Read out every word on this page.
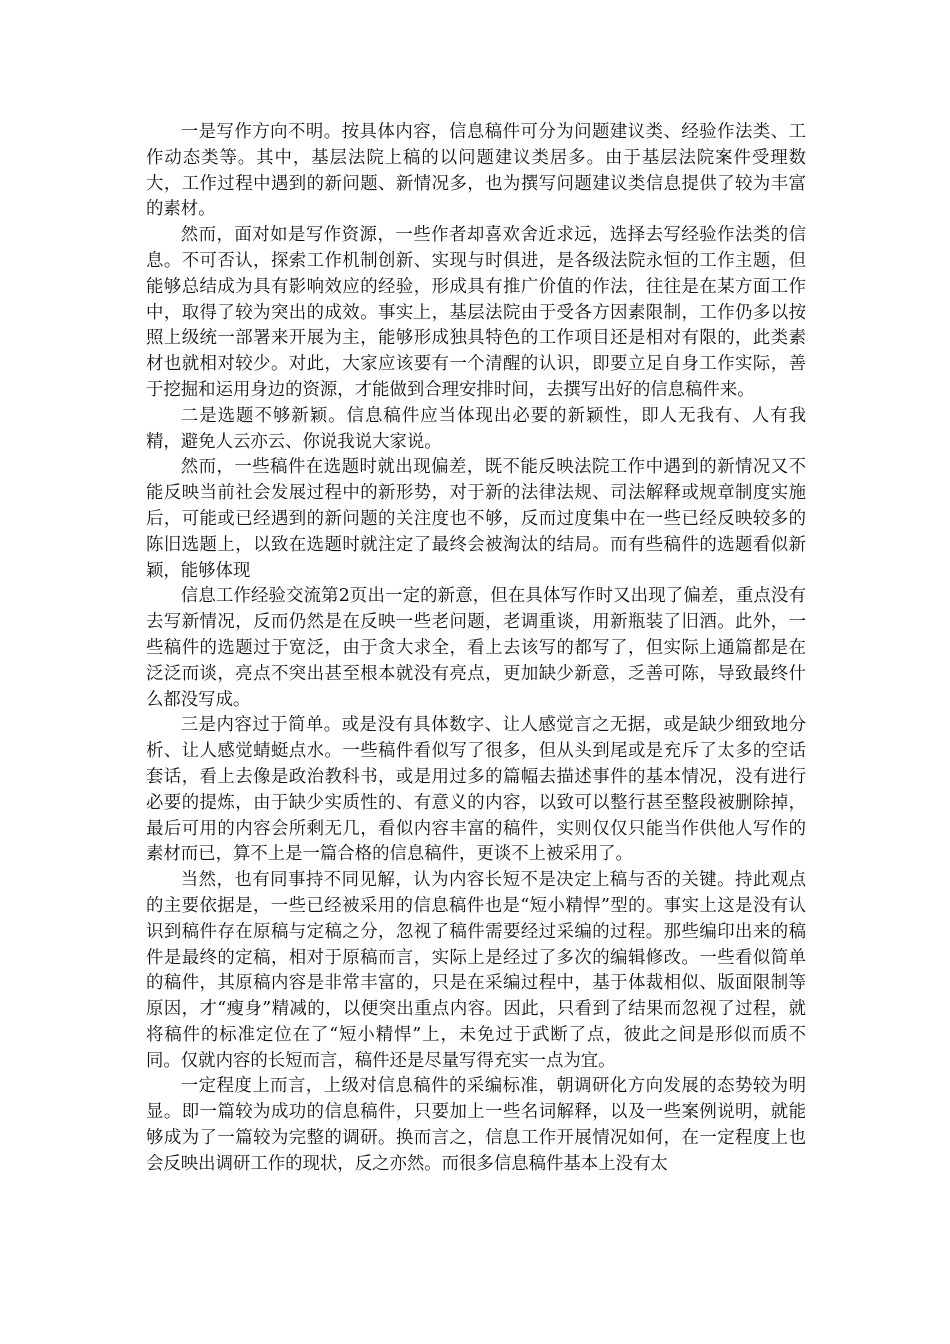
一是写作方向不明。按具体内容，信息稿件可分为问题建议类、经验作法类、工作动态类等。其中，基层法院上稿的以问题建议类居多。由于基层法院案件受理数大，工作过程中遇到的新问题、新情况多，也为撰写问题建议类信息提供了较为丰富的素材。

然而，面对如是写作资源，一些作者却喜欢舍近求远，选择去写经验作法类的信息。不可否认，探索工作机制创新、实现与时俱进，是各级法院永恒的工作主题，但能够总结成为具有影响效应的经验，形成具有推广价值的作法，往往是在某方面工作中，取得了较为突出的成效。事实上，基层法院由于受各方因素限制，工作仍多以按照上级统一部署来开展为主，能够形成独具特色的工作项目还是相对有限的，此类素材也就相对较少。对此，大家应该要有一个清醒的认识，即要立足自身工作实际，善于挖掘和运用身边的资源，才能做到合理安排时间，去撰写出好的信息稿件来。

二是选题不够新颖。信息稿件应当体现出必要的新颖性，即人无我有、人有我精，避免人云亦云、你说我说大家说。

然而，一些稿件在选题时就出现偏差，既不能反映法院工作中遇到的新情况又不能反映当前社会发展过程中的新形势，对于新的法律法规、司法解释或规章制度实施后，可能或已经遇到的新问题的关注度也不够，反而过度集中在一些已经反映较多的陈旧选题上，以致在选题时就注定了最终会被淘汰的结局。而有些稿件的选题看似新颖，能够体现

信息工作经验交流第2页出一定的新意，但在具体写作时又出现了偏差，重点没有去写新情况，反而仍然是在反映一些老问题，老调重谈，用新瓶装了旧酒。此外，一些稿件的选题过于宽泛，由于贪大求全，看上去该写的都写了，但实际上通篇都是在泛泛而谈，亮点不突出甚至根本就没有亮点，更加缺少新意，乏善可陈，导致最终什么都没写成。

三是内容过于简单。或是没有具体数字、让人感觉言之无据，或是缺少细致地分析、让人感觉蜻蜓点水。一些稿件看似写了很多，但从头到尾或是充斥了太多的空话套话，看上去像是政治教科书，或是用过多的篇幅去描述事件的基本情况，没有进行必要的提炼，由于缺少实质性的、有意义的内容，以致可以整行甚至整段被删除掉，最后可用的内容会所剩无几，看似内容丰富的稿件，实则仅仅只能当作供他人写作的素材而已，算不上是一篇合格的信息稿件，更谈不上被采用了。

当然，也有同事持不同见解，认为内容长短不是决定上稿与否的关键。持此观点的主要依据是，一些已经被采用的信息稿件也是“短小精悍”型的。事实上这是没有认识到稿件存在原稿与定稿之分，忽视了稿件需要经过采编的过程。那些编印出来的稿件是最终的定稿，相对于原稿而言，实际上是经过了多次的编辑修改。一些看似简单的稿件，其原稿内容是非常丰富的，只是在采编过程中，基于体裁相似、版面限制等原因，才“瘦身”精减的，以便突出重点内容。因此，只看到了结果而忽视了过程，就将稿件的标准定位在了“短小精悍”上，未免过于武断了点，彼此之间是形似而质不同。仅就内容的长短而言，稿件还是尽量写得充实一点为宜。

一定程度上而言，上级对信息稿件的采编标准，朝调研化方向发展的态势较为明显。即一篇较为成功的信息稿件，只要加上一些名词解释，以及一些案例说明，就能够成为了一篇较为完整的调研。换而言之，信息工作开展情况如何，在一定程度上也会反映出调研工作的现状，反之亦然。而很多信息稿件基本上没有太
